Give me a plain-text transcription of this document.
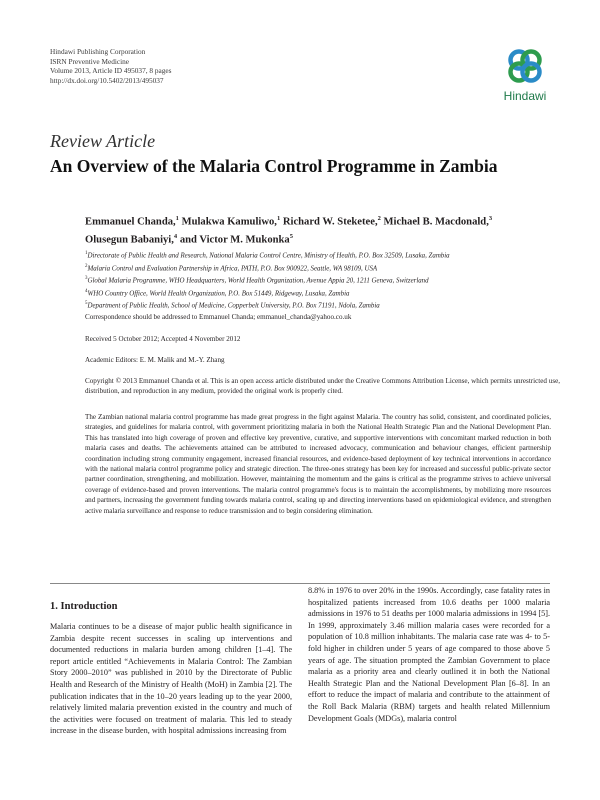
Hindawi Publishing Corporation
ISRN Preventive Medicine
Volume 2013, Article ID 495037, 8 pages
http://dx.doi.org/10.5402/2013/495037
Hindawi
Review Article
An Overview of the Malaria Control Programme in Zambia
Emmanuel Chanda,$^1$ Mulakwa Kamuliwo,$^1$ Richard W. Steketee,$^2$ Michael B. Macdonald,$^3$
Olusegun Babaniyi,$^4$ and Victor M. Mukonka$^5$
$^1$Directorate of Public Health and Research, National Malaria Control Centre, Ministry of Health, P.O. Box 32509, Lusaka, Zambia
$^2$Malaria Control and Evaluation Partnership in Africa, PATH, P.O. Box 900922, Seattle, WA 98109, USA
$^3$Global Malaria Programme, WHO Headquarters, World Health Organization, Avenue Appia 20, 1211 Geneva, Switzerland
$^4$WHO Country Office, World Health Organization, P.O. Box 51449, Ridgeway, Lusaka, Zambia
$^5$Department of Public Health, School of Medicine, Copperbelt University, P.O. Box 71191, Ndola, Zambia
Correspondence should be addressed to Emmanuel Chanda; emmanuel_chanda@yahoo.co.uk
Received 5 October 2012; Accepted 4 November 2012
Academic Editors: E. M. Malik and M.-Y. Zhang
Copyright © 2013 Emmanuel Chanda et al. This is an open access article distributed under the Creative Commons Attribution License, which permits unrestricted use, distribution, and reproduction in any medium, provided the original work is properly cited.
The Zambian national malaria control programme has made great progress in the fight against Malaria. The country has solid, consistent, and coordinated policies, strategies, and guidelines for malaria control, with government prioritizing malaria in both the National Health Strategic Plan and the National Development Plan. This has translated into high coverage of proven and effective key preventive, curative, and supportive interventions with concomitant marked reduction in both malaria cases and deaths. The achievements attained can be attributed to increased advocacy, communication and behaviour changes, efficient partnership coordination including strong community engagement, increased financial resources, and evidence-based deployment of key technical interventions in accordance with the national malaria control programme policy and strategic direction. The three-ones strategy has been key for increased and successful public-private sector partner coordination, strengthening, and mobilization. However, maintaining the momentum and the gains is critical as the programme strives to achieve universal coverage of evidence-based and proven interventions. The malaria control programme's focus is to maintain the accomplishments, by mobilizing more resources and partners, increasing the government funding towards malaria control, scaling up and directing interventions based on epidemiological evidence, and strengthen active malaria surveillance and response to reduce transmission and to begin considering elimination.
1. Introduction
Malaria continues to be a disease of major public health significance in Zambia despite recent successes in scaling up interventions and documented reductions in malaria burden among children [1–4]. The report article entitled “Achievements in Malaria Control: The Zambian Story 2000–2010” was published in 2010 by the Directorate of Public Health and Research of the Ministry of Health (MoH) in Zambia [2]. The publication indicates that in the 10–20 years leading up to the year 2000, relatively limited malaria prevention existed in the country and much of the activities were focused on treatment of malaria. This led to steady increase in the disease burden, with hospital admissions increasing from
8.8% in 1976 to over 20% in the 1990s. Accordingly, case fatality rates in hospitalized patients increased from 10.6 deaths per 1000 malaria admissions in 1976 to 51 deaths per 1000 malaria admissions in 1994 [5]. In 1999, approximately 3.46 million malaria cases were recorded for a population of 10.8 million inhabitants. The malaria case rate was 4- to 5-fold higher in children under 5 years of age compared to those above 5 years of age. The situation prompted the Zambian Government to place malaria as a priority area and clearly outlined it in both the National Health Strategic Plan and the National Development Plan [6–8]. In an effort to reduce the impact of malaria and contribute to the attainment of the Roll Back Malaria (RBM) targets and health related Millennium Development Goals (MDGs), malaria control
